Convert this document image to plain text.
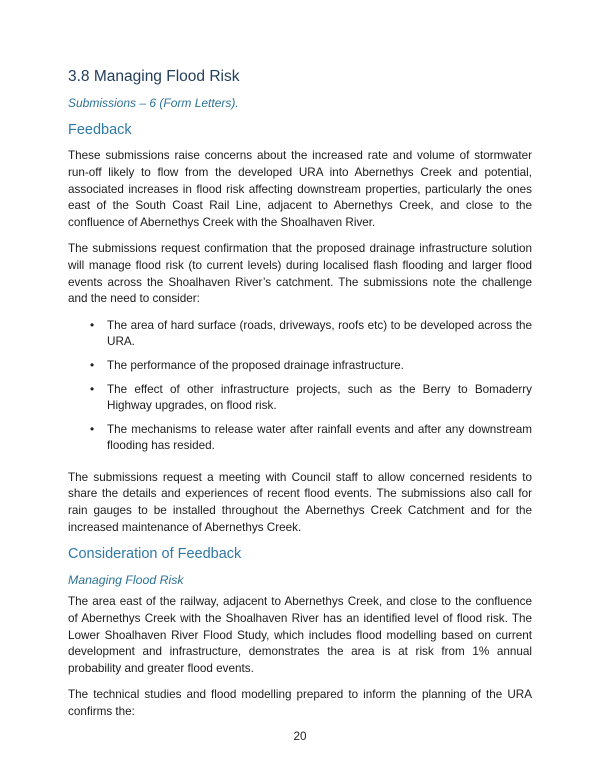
3.8 Managing Flood Risk

Submissions – 6 (Form Letters).

Feedback

These submissions raise concerns about the increased rate and volume of stormwater run-off likely to flow from the developed URA into Abernethys Creek and potential, associated increases in flood risk affecting downstream properties, particularly the ones east of the South Coast Rail Line, adjacent to Abernethys Creek, and close to the confluence of Abernethys Creek with the Shoalhaven River.

The submissions request confirmation that the proposed drainage infrastructure solution will manage flood risk (to current levels) during localised flash flooding and larger flood events across the Shoalhaven River’s catchment. The submissions note the challenge and the need to consider:

•	The area of hard surface (roads, driveways, roofs etc) to be developed across the URA.
•	The performance of the proposed drainage infrastructure.
•	The effect of other infrastructure projects, such as the Berry to Bomaderry Highway upgrades, on flood risk.
•	The mechanisms to release water after rainfall events and after any downstream flooding has resided.

The submissions request a meeting with Council staff to allow concerned residents to share the details and experiences of recent flood events. The submissions also call for rain gauges to be installed throughout the Abernethys Creek Catchment and for the increased maintenance of Abernethys Creek.

Consideration of Feedback

Managing Flood Risk

The area east of the railway, adjacent to Abernethys Creek, and close to the confluence of Abernethys Creek with the Shoalhaven River has an identified level of flood risk. The Lower Shoalhaven River Flood Study, which includes flood modelling based on current development and infrastructure, demonstrates the area is at risk from 1% annual probability and greater flood events.

The technical studies and flood modelling prepared to inform the planning of the URA confirms the:

20
